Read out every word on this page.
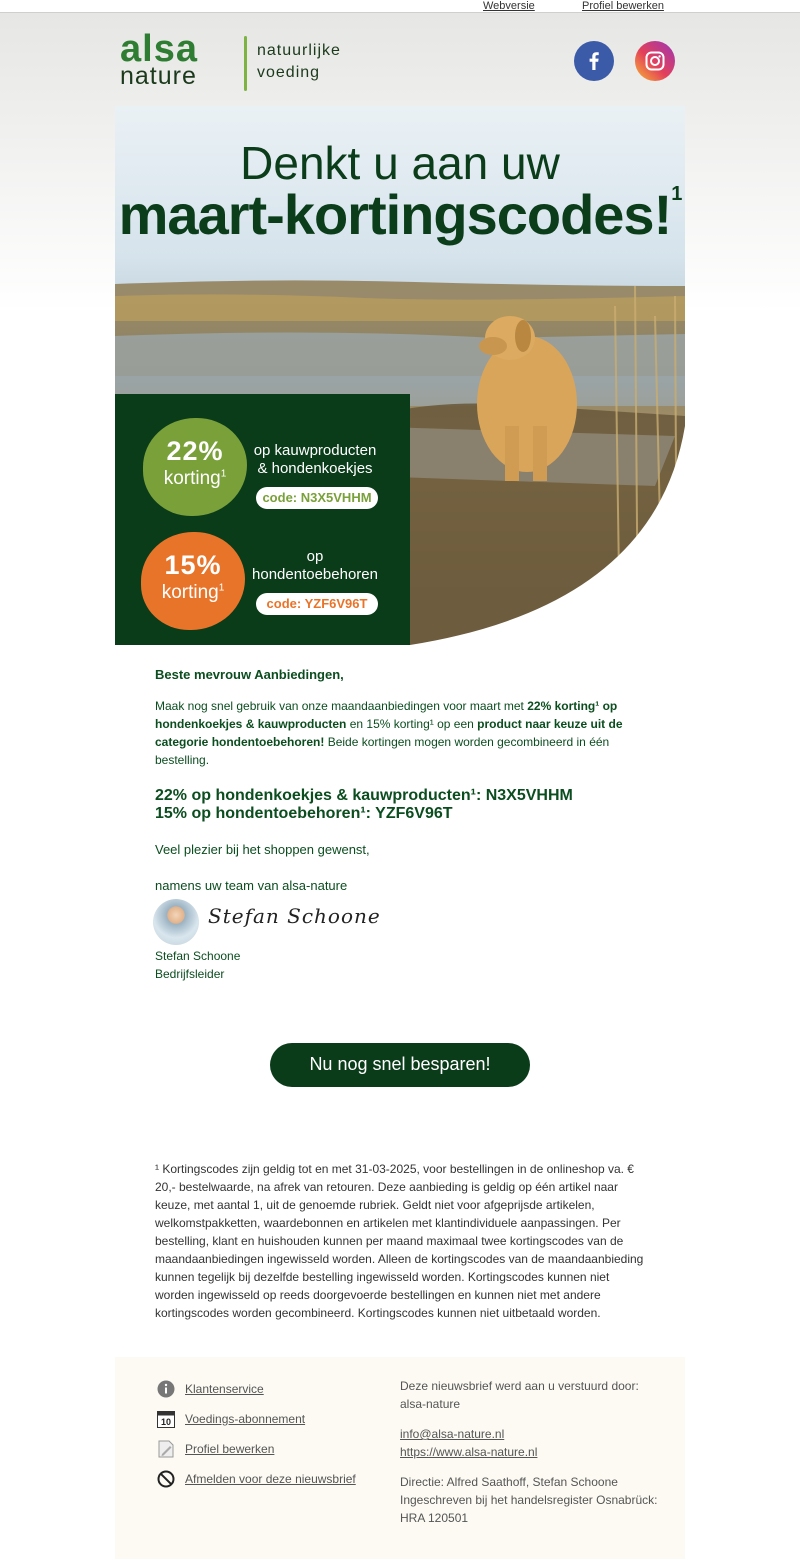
Webversie	Profiel bewerken
alsa
nature
natuurlijke
voeding
Denkt u aan uw
maart-kortingscodes!$^1$
22%
korting$^1$
op kauwproducten
& hondenkoekjes
code: N3X5VHHM
15%
korting$^1$
op
hondentoebehoren
code: YZF6V96T
Beste mevrouw Aanbiedingen,
Maak nog snel gebruik van onze maandaanbiedingen voor maart met 22% korting¹ op hondenkoekjes & kauwproducten en 15% korting¹ op een product naar keuze uit de categorie hondentoebehoren! Beide kortingen mogen worden gecombineerd in één bestelling.
22% op hondenkoekjes & kauwproducten¹: N3X5VHHM
15% op hondentoebehoren¹: YZF6V96T
Veel plezier bij het shoppen gewenst,
namens uw team van alsa-nature
Stefan Schoone
Stefan Schoone
Bedrijfsleider
Nu nog snel besparen!
¹ Kortingscodes zijn geldig tot en met 31-03-2025, voor bestellingen in de onlineshop va. € 20,- bestelwaarde, na afrek van retouren. Deze aanbieding is geldig op één artikel naar keuze, met aantal 1, uit de genoemde rubriek. Geldt niet voor afgeprijsde artikelen, welkomstpakketten, waardebonnen en artikelen met klantindividuele aanpassingen. Per bestelling, klant en huishouden kunnen per maand maximaal twee kortingscodes van de maandaanbiedingen ingewisseld worden. Alleen de kortingscodes van de maandaanbieding kunnen tegelijk bij dezelfde bestelling ingewisseld worden. Kortingscodes kunnen niet worden ingewisseld op reeds doorgevoerde bestellingen en kunnen niet met andere kortingscodes worden gecombineerd. Kortingscodes kunnen niet uitbetaald worden.
Klantenservice
10 Voedings-abonnement
Profiel bewerken
Afmelden voor deze nieuwsbrief
Deze nieuwsbrief werd aan u verstuurd door:
alsa-nature
info@alsa-nature.nl
https://www.alsa-nature.nl
Directie: Alfred Saathoff, Stefan Schoone
Ingeschreven bij het handelsregister Osnabrück:
HRA 120501
